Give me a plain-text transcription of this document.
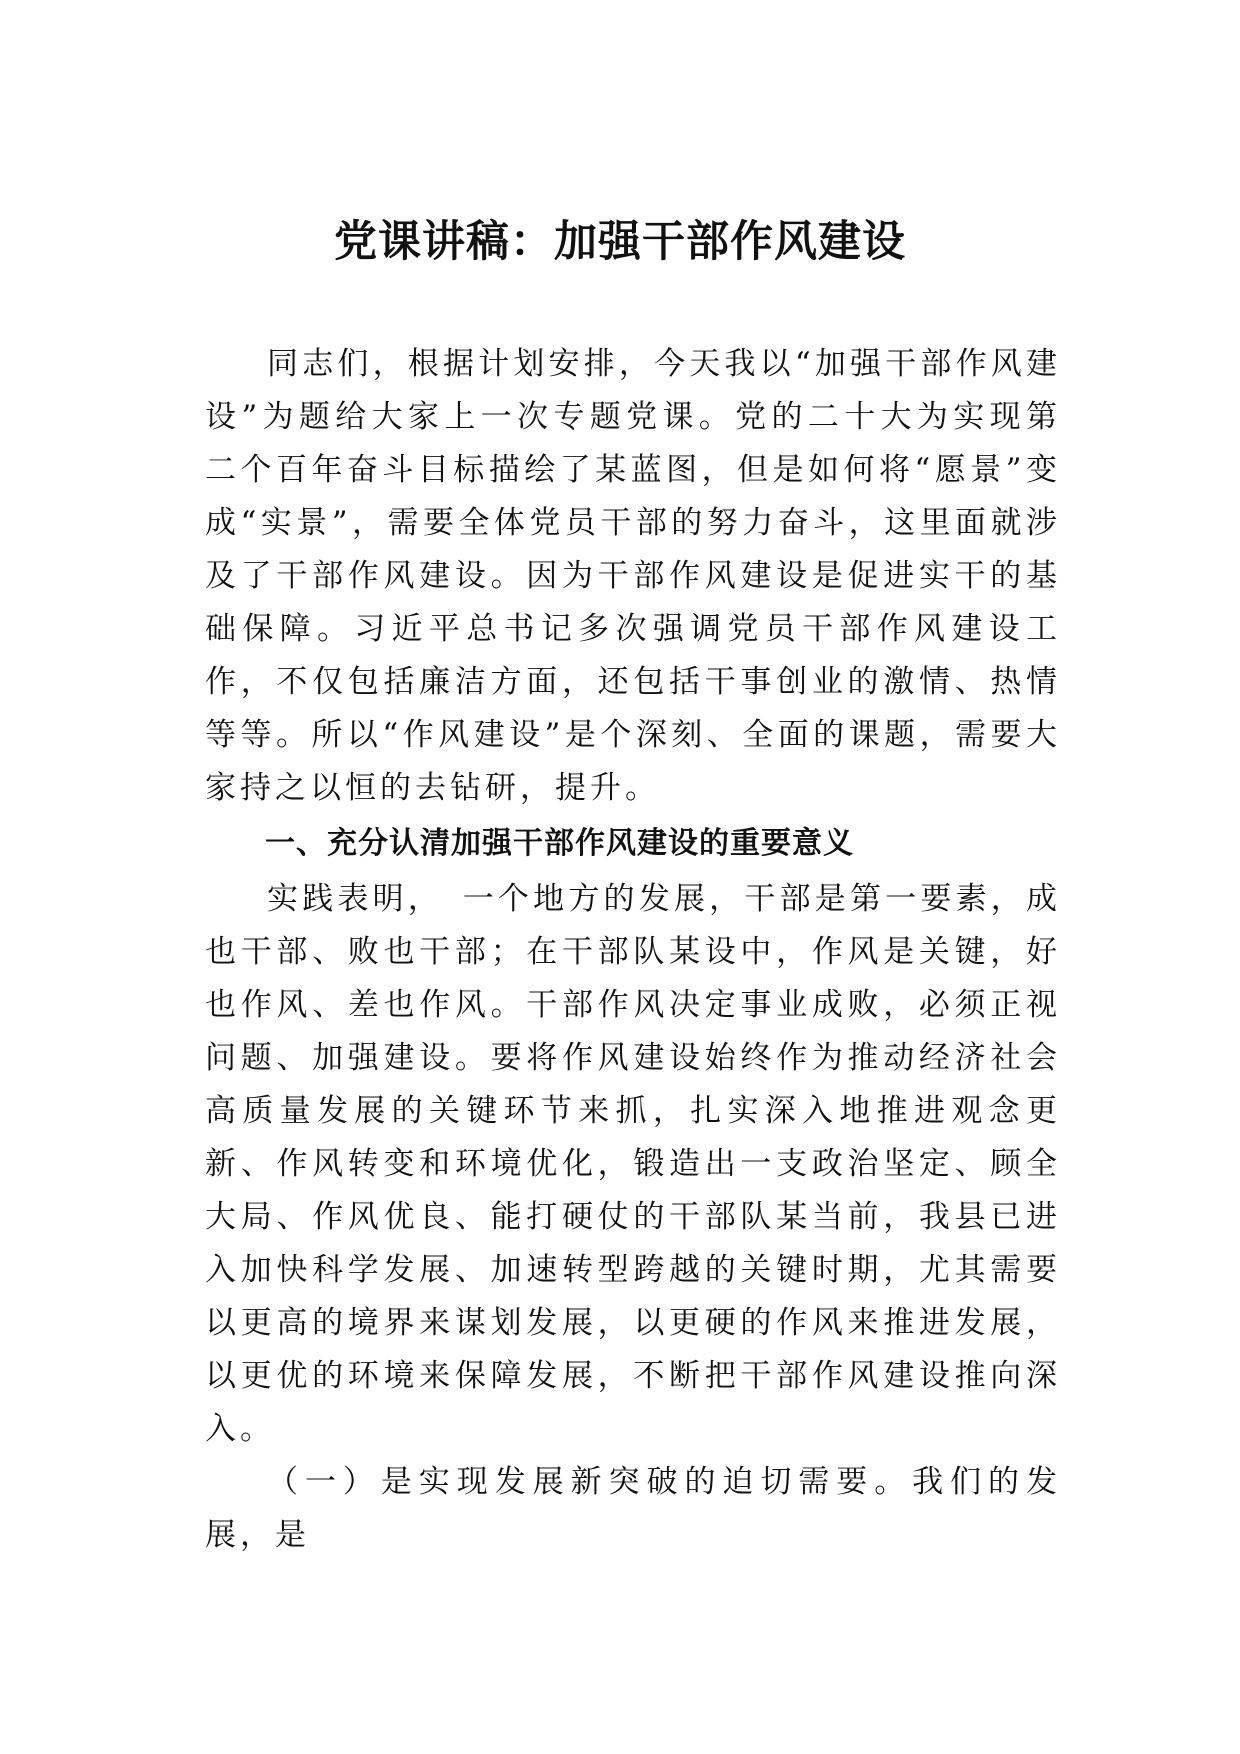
党课讲稿：加强干部作风建设

同志们，根据计划安排，今天我以“加强干部作风建设”为题给大家上一次专题党课。党的二十大为实现第二个百年奋斗目标描绘了某蓝图，但是如何将“愿景”变成“实景”，需要全体党员干部的努力奋斗，这里面就涉及了干部作风建设。因为干部作风建设是促进实干的基础保障。习近平总书记多次强调党员干部作风建设工作，不仅包括廉洁方面，还包括干事创业的激情、热情等等。所以“作风建设”是个深刻、全面的课题，需要大家持之以恒的去钻研，提升。

一、充分认清加强干部作风建设的重要意义

实践表明，　一个地方的发展，干部是第一要素，成也干部、败也干部；在干部队某设中，作风是关键，好也作风、差也作风。干部作风决定事业成败，必须正视问题、加强建设。要将作风建设始终作为推动经济社会高质量发展的关键环节来抓，扎实深入地推进观念更新、作风转变和环境优化，锻造出一支政治坚定、顾全大局、作风优良、能打硬仗的干部队某当前，我县已进入加快科学发展、加速转型跨越的关键时期，尤其需要以更高的境界来谋划发展，以更硬的作风来推进发展，以更优的环境来保障发展，不断把干部作风建设推向深入。

（一）是实现发展新突破的迫切需要。我们的发展，是
